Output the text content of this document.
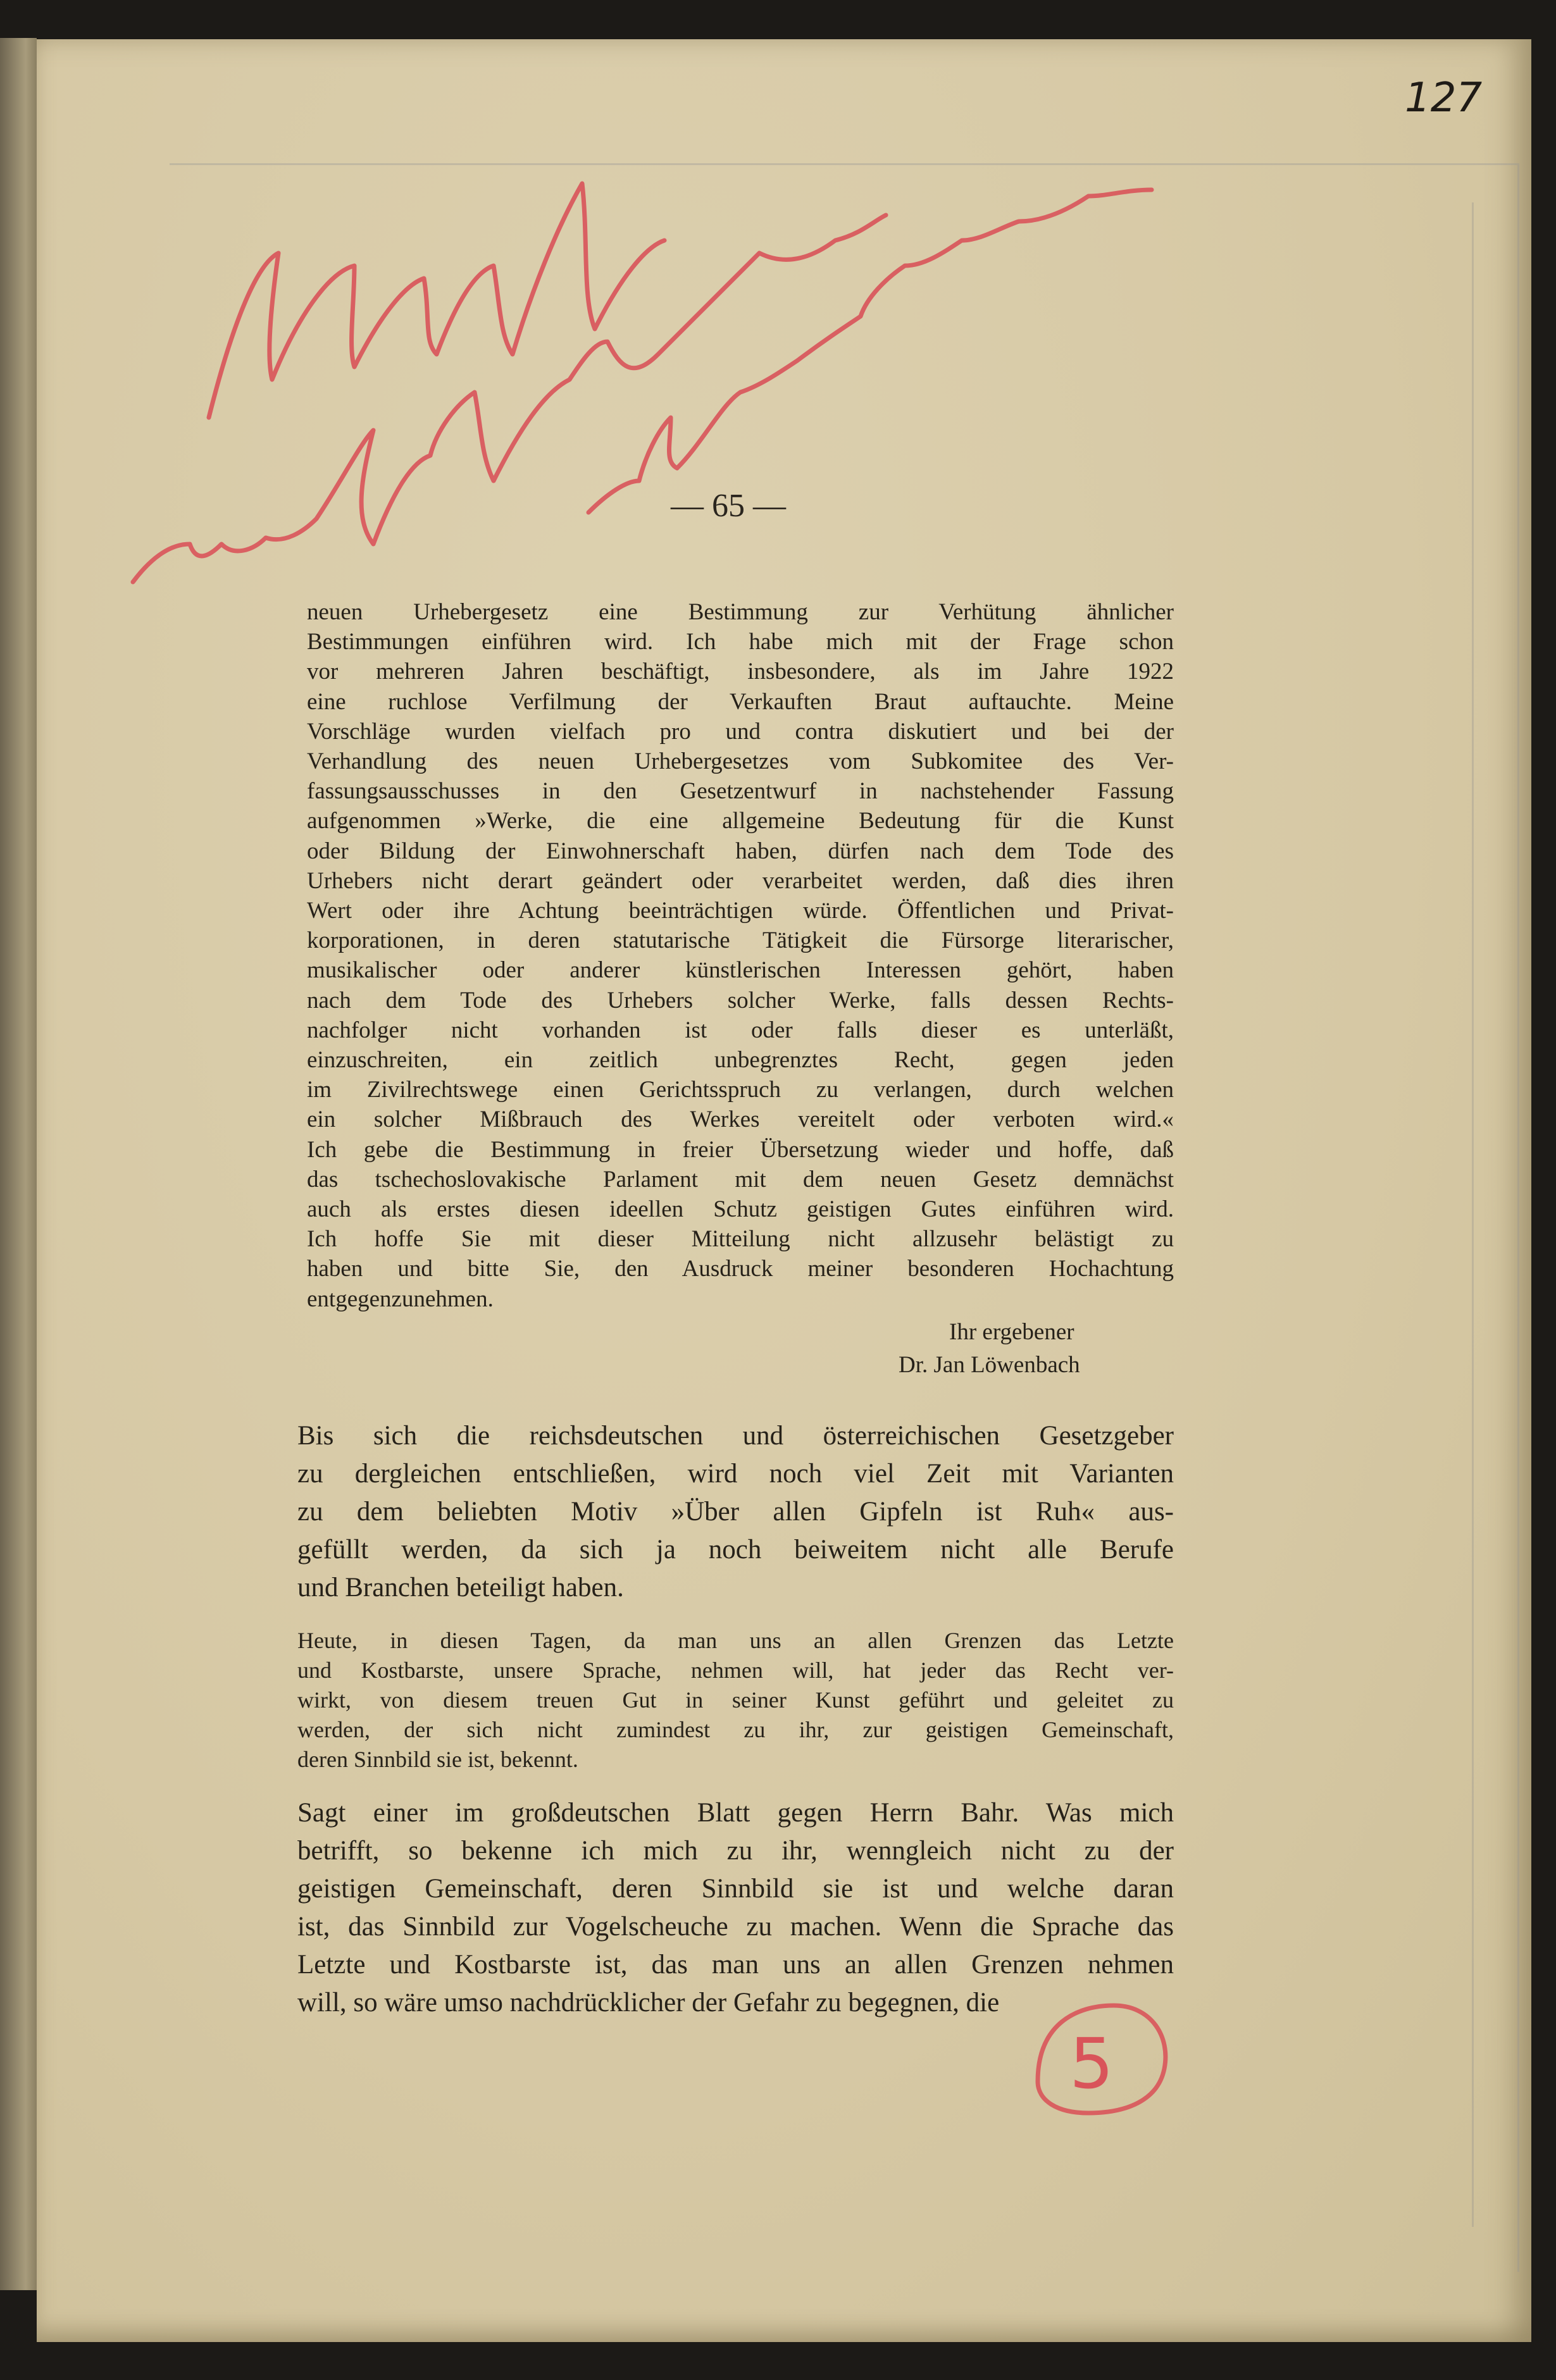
127
— 65 —

neuen Urhebergesetz eine Bestimmung zur Verhütung ähnlicher

Bestimmungen einführen wird. Ich habe mich mit der Frage schon

vor mehreren Jahren beschäftigt, insbesondere, als im Jahre 1922

eine ruchlose Verfilmung der Verkauften Braut auftauchte. Meine

Vorschläge wurden vielfach pro und contra diskutiert und bei der

Verhandlung des neuen Urhebergesetzes vom Subkomitee des Ver-

fassungsausschusses in den Gesetzentwurf in nachstehender Fassung

aufgenommen »Werke, die eine allgemeine Bedeutung für die Kunst

oder Bildung der Einwohnerschaft haben, dürfen nach dem Tode des

Urhebers nicht derart geändert oder verarbeitet werden, daß dies ihren

Wert oder ihre Achtung beeinträchtigen würde. Öffentlichen und Privat-

korporationen, in deren statutarische Tätigkeit die Fürsorge literarischer,

musikalischer oder anderer künstlerischen Interessen gehört, haben

nach dem Tode des Urhebers solcher Werke, falls dessen Rechts-

nachfolger nicht vorhanden ist oder falls dieser es unterläßt,

einzuschreiten, ein zeitlich unbegrenztes Recht, gegen jeden

im Zivilrechtswege einen Gerichtsspruch zu verlangen, durch welchen

ein solcher Mißbrauch des Werkes vereitelt oder verboten wird.«

Ich gebe die Bestimmung in freier Übersetzung wieder und hoffe, daß

das tschechoslovakische Parlament mit dem neuen Gesetz demnächst

auch als erstes diesen ideellen Schutz geistigen Gutes einführen wird.

Ich hoffe Sie mit dieser Mitteilung nicht allzusehr belästigt zu

haben und bitte Sie, den Ausdruck meiner besonderen Hochachtung

entgegenzunehmen.

Ihr ergebener

Dr. Jan Löwenbach

Bis sich die reichsdeutschen und österreichischen Gesetzgeber

zu dergleichen entschließen, wird noch viel Zeit mit Varianten

zu dem beliebten Motiv »Über allen Gipfeln ist Ruh« aus-

gefüllt werden, da sich ja noch beiweitem nicht alle Berufe

und Branchen beteiligt haben.

Heute, in diesen Tagen, da man uns an allen Grenzen das Letzte

und Kostbarste, unsere Sprache, nehmen will, hat jeder das Recht ver-

wirkt, von diesem treuen Gut in seiner Kunst geführt und geleitet zu

werden, der sich nicht zumindest zu ihr, zur geistigen Gemeinschaft,

deren Sinnbild sie ist, bekennt.

Sagt einer im großdeutschen Blatt gegen Herrn Bahr. Was mich

betrifft, so bekenne ich mich zu ihr, wenngleich nicht zu der

geistigen Gemeinschaft, deren Sinnbild sie ist und welche daran

ist, das Sinnbild zur Vogelscheuche zu machen. Wenn die Sprache das

Letzte und Kostbarste ist, das man uns an allen Grenzen nehmen

will, so wäre umso nachdrücklicher der Gefahr zu begegnen, die

5
